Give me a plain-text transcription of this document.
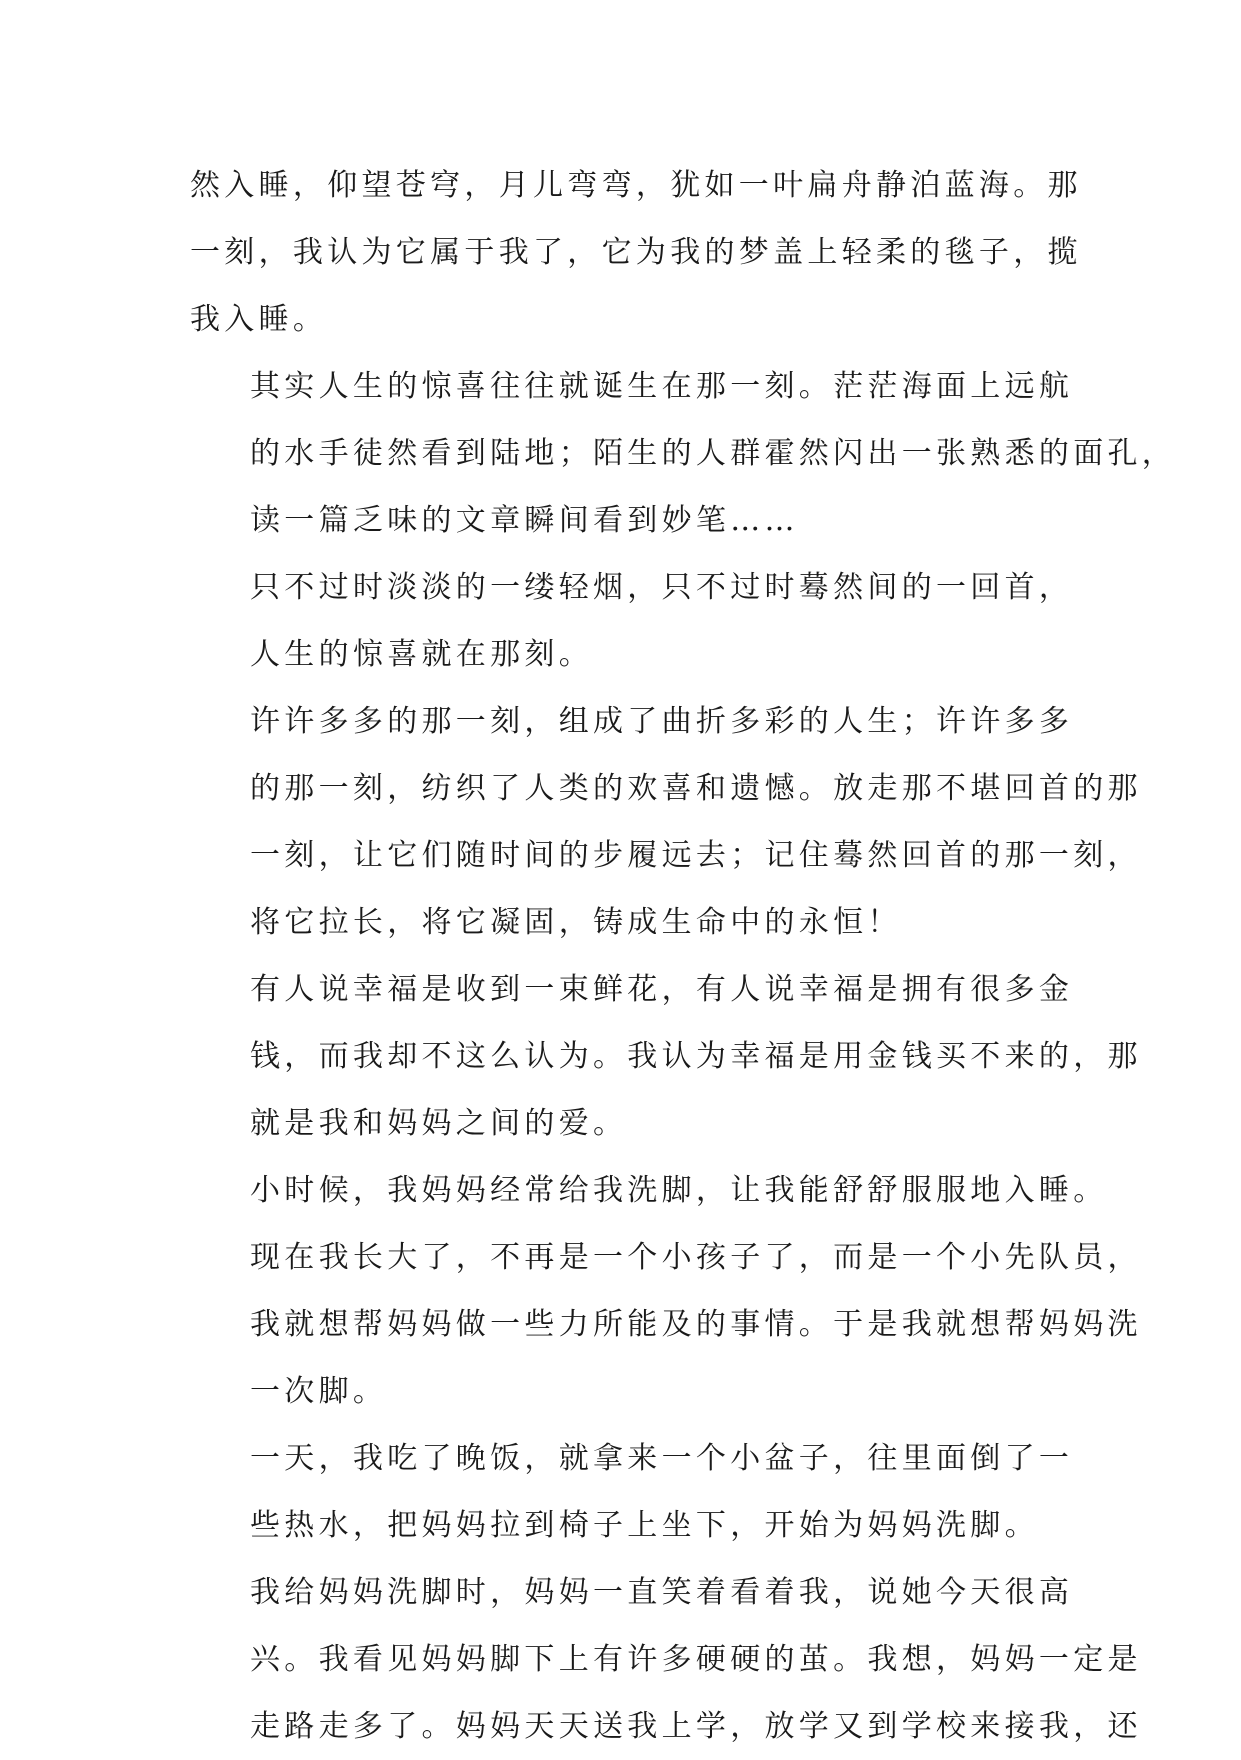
然入睡，仰望苍穹，月儿弯弯，犹如一叶扁舟静泊蓝海。那
一刻，我认为它属于我了，它为我的梦盖上轻柔的毯子，揽
我入睡。
其实人生的惊喜往往就诞生在那一刻。茫茫海面上远航
的水手徒然看到陆地；陌生的人群霍然闪出一张熟悉的面孔，
读一篇乏味的文章瞬间看到妙笔……
只不过时淡淡的一缕轻烟，只不过时蓦然间的一回首，
人生的惊喜就在那刻。
许许多多的那一刻，组成了曲折多彩的人生；许许多多
的那一刻，纺织了人类的欢喜和遗憾。放走那不堪回首的那
一刻，让它们随时间的步履远去；记住蓦然回首的那一刻，
将它拉长，将它凝固，铸成生命中的永恒！
有人说幸福是收到一束鲜花，有人说幸福是拥有很多金
钱，而我却不这么认为。我认为幸福是用金钱买不来的，那
就是我和妈妈之间的爱。
小时候，我妈妈经常给我洗脚，让我能舒舒服服地入睡。
现在我长大了，不再是一个小孩子了，而是一个小先队员，
我就想帮妈妈做一些力所能及的事情。于是我就想帮妈妈洗
一次脚。
一天，我吃了晚饭，就拿来一个小盆子，往里面倒了一
些热水，把妈妈拉到椅子上坐下，开始为妈妈洗脚。
我给妈妈洗脚时，妈妈一直笑着看着我，说她今天很高
兴。我看见妈妈脚下上有许多硬硬的茧。我想，妈妈一定是
走路走多了。妈妈天天送我上学，放学又到学校来接我，还
